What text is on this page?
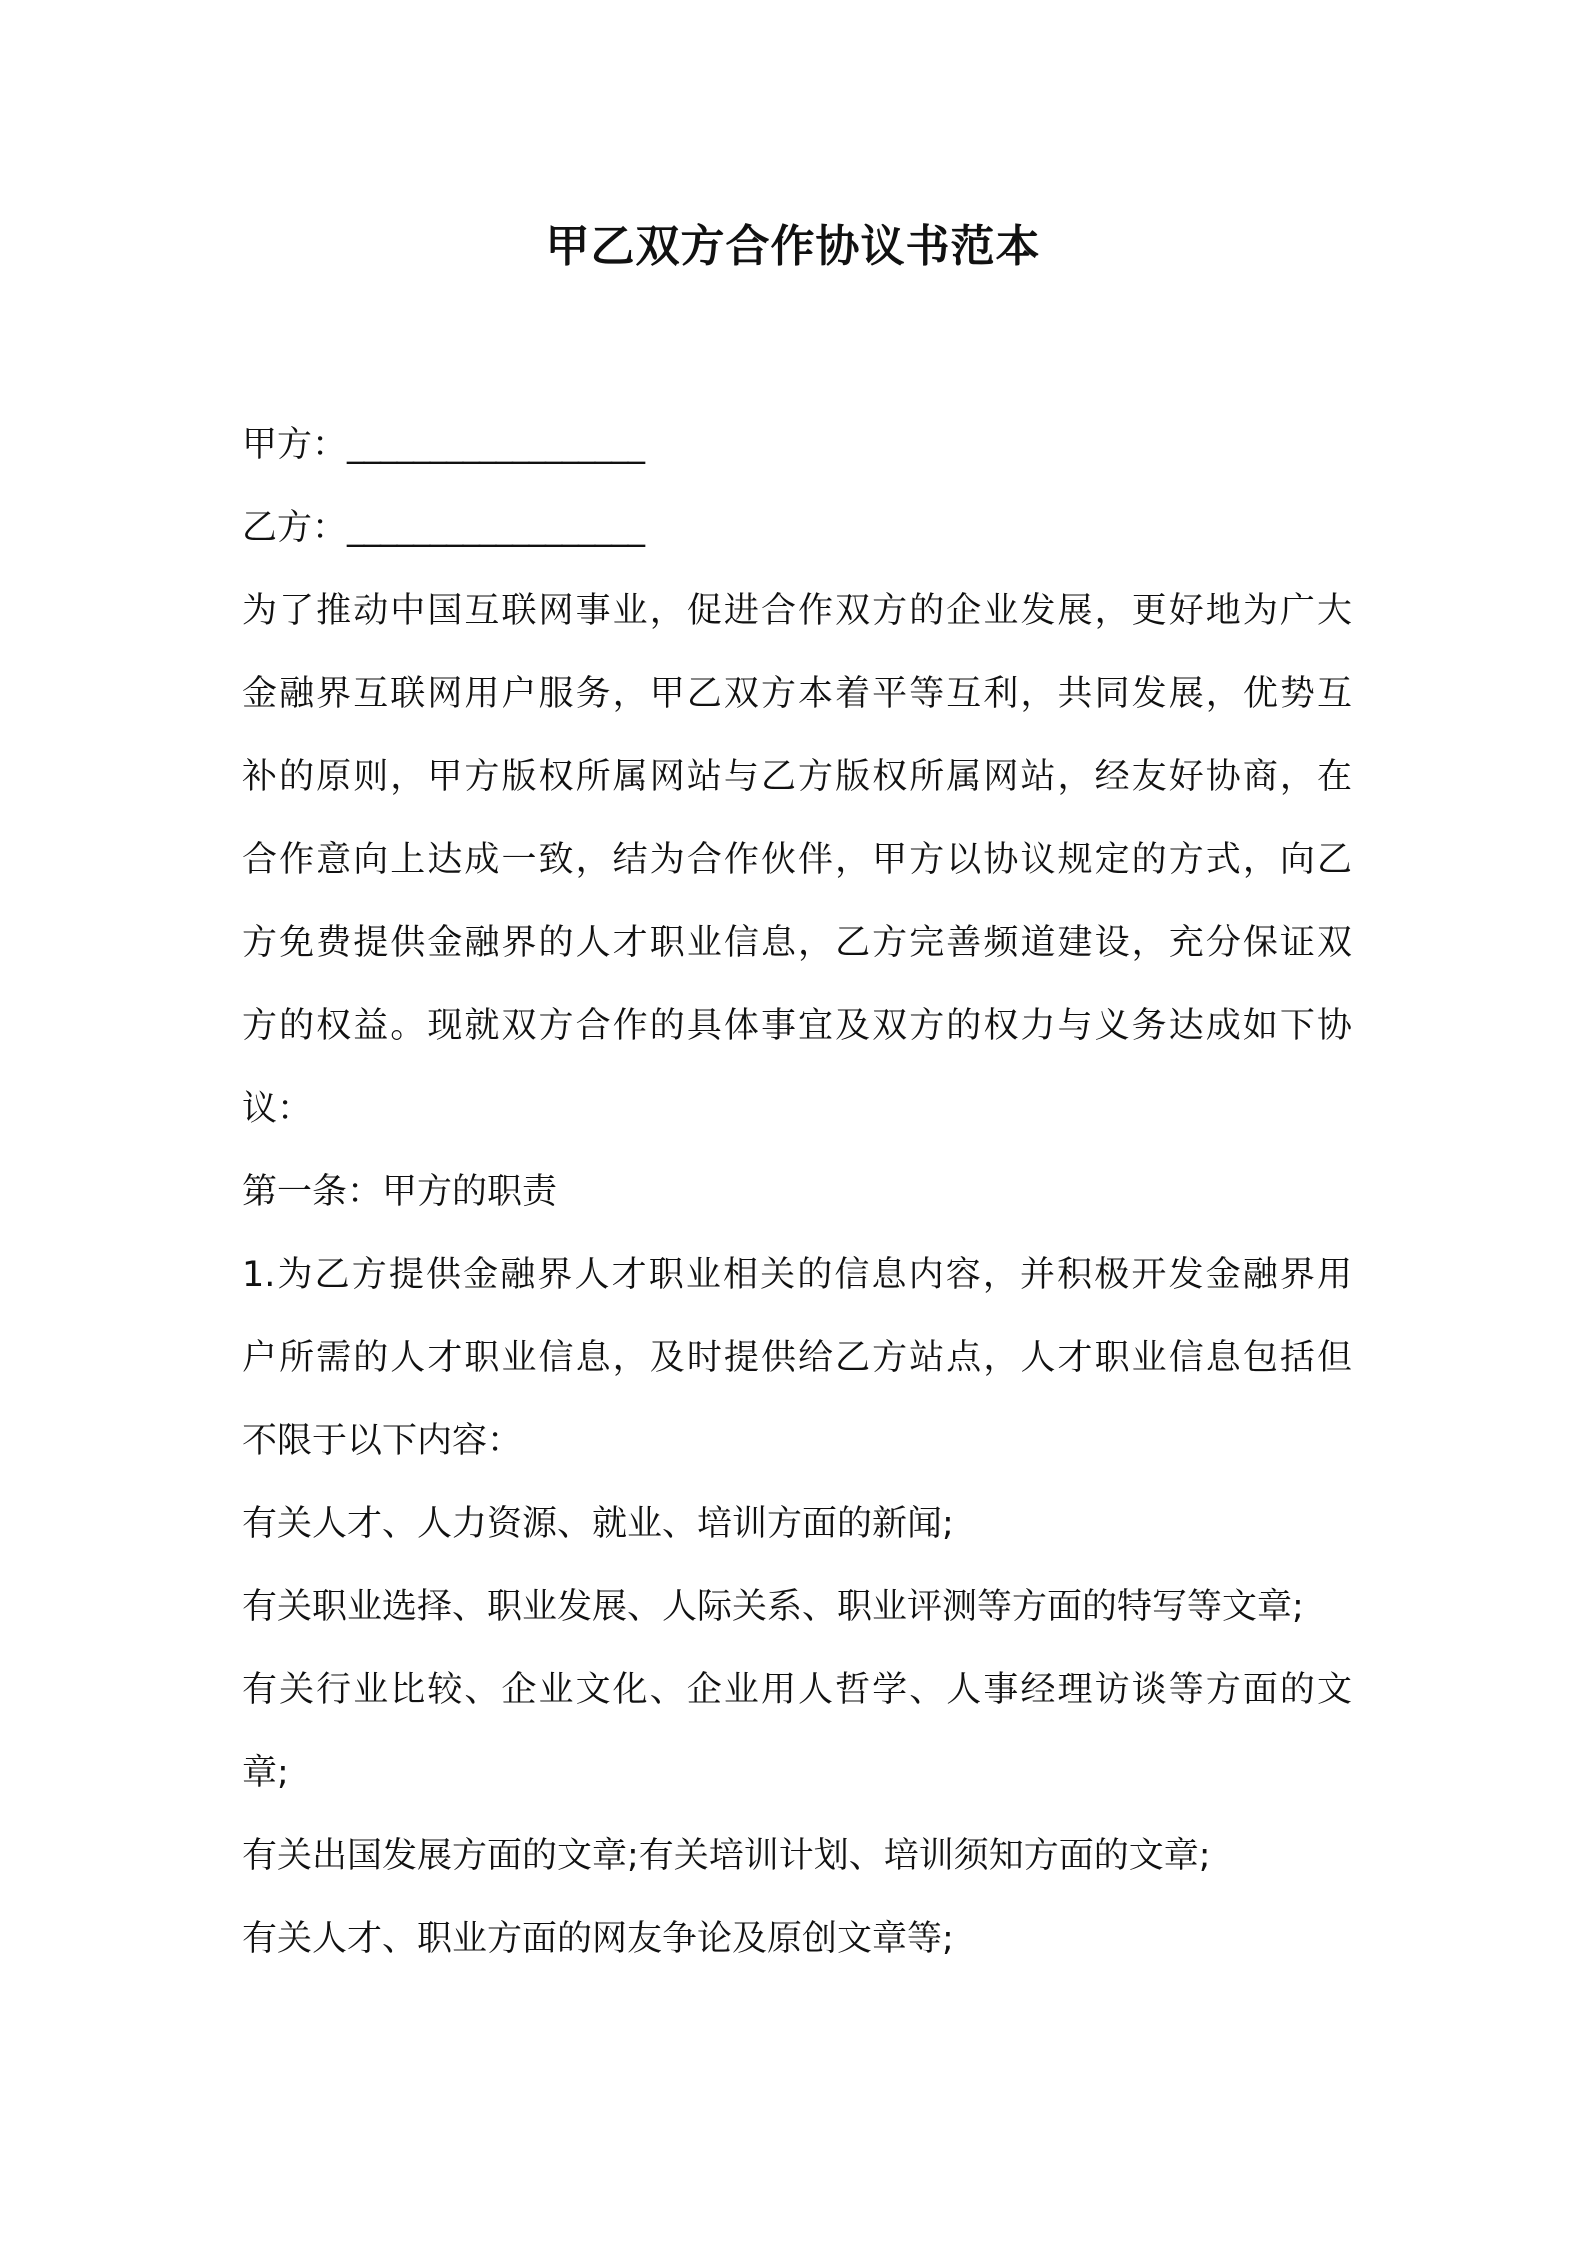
甲乙双方合作协议书范本
甲方：__________________
乙方：__________________
为了推动中国互联网事业，促进合作双方的企业发展，更好地为广大
金融界互联网用户服务，甲乙双方本着平等互利，共同发展，优势互
补的原则，甲方版权所属网站与乙方版权所属网站，经友好协商，在
合作意向上达成一致，结为合作伙伴，甲方以协议规定的方式，向乙
方免费提供金融界的人才职业信息，乙方完善频道建设，充分保证双
方的权益。现就双方合作的具体事宜及双方的权力与义务达成如下协
议：
第一条：甲方的职责
1.为乙方提供金融界人才职业相关的信息内容，并积极开发金融界用
户所需的人才职业信息，及时提供给乙方站点，人才职业信息包括但
不限于以下内容：
有关人才、人力资源、就业、培训方面的新闻;
有关职业选择、职业发展、人际关系、职业评测等方面的特写等文章;
有关行业比较、企业文化、企业用人哲学、人事经理访谈等方面的文
章;
有关出国发展方面的文章;有关培训计划、培训须知方面的文章;
有关人才、职业方面的网友争论及原创文章等;
